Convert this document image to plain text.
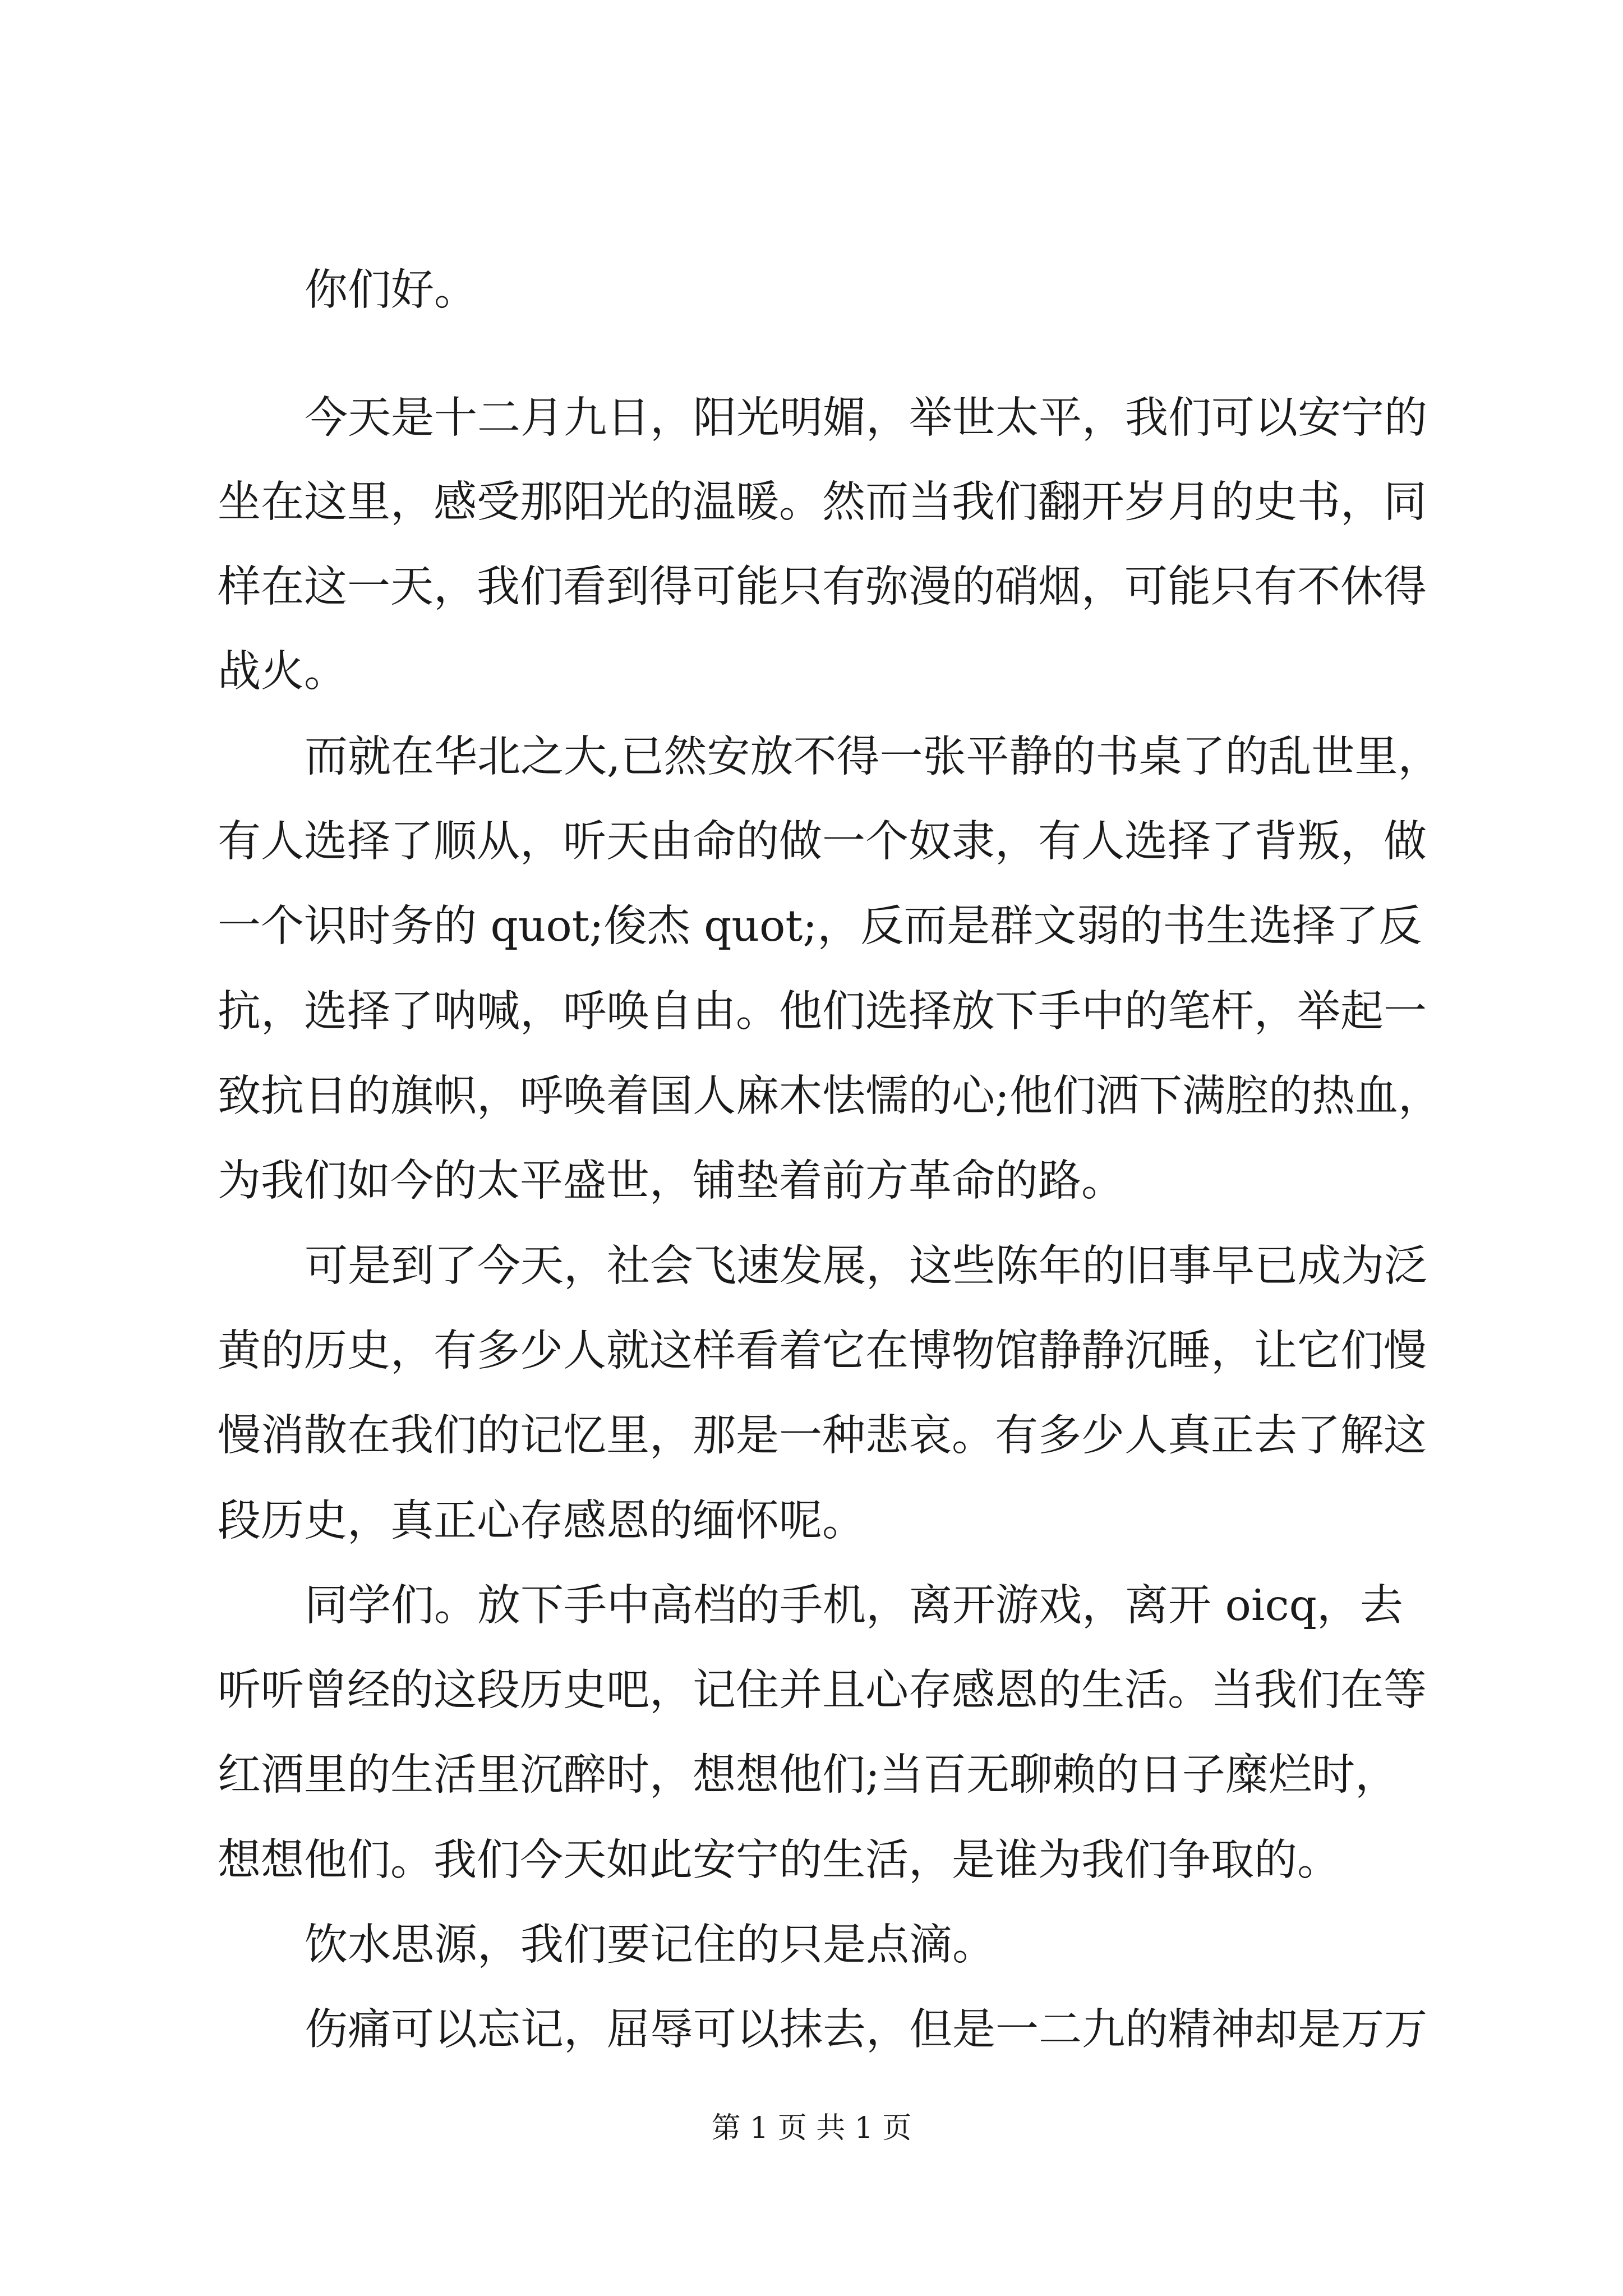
你们好。
今天是十二月九日，阳光明媚，举世太平，我们可以安宁的
坐在这里，感受那阳光的温暖。然而当我们翻开岁月的史书，同
样在这一天，我们看到得可能只有弥漫的硝烟，可能只有不休得
战火。
而就在华北之大,已然安放不得一张平静的书桌了的乱世里，
有人选择了顺从，听天由命的做一个奴隶，有人选择了背叛，做
一个识时务的 quot;俊杰 quot;，反而是群文弱的书生选择了反
抗，选择了呐喊，呼唤自由。他们选择放下手中的笔杆，举起一
致抗日的旗帜，呼唤着国人麻木怯懦的心;他们洒下满腔的热血，
为我们如今的太平盛世，铺垫着前方革命的路。
可是到了今天，社会飞速发展，这些陈年的旧事早已成为泛
黄的历史，有多少人就这样看着它在博物馆静静沉睡，让它们慢
慢消散在我们的记忆里，那是一种悲哀。有多少人真正去了解这
段历史，真正心存感恩的缅怀呢。
同学们。放下手中高档的手机，离开游戏，离开 oicq，去
听听曾经的这段历史吧，记住并且心存感恩的生活。当我们在等
红酒里的生活里沉醉时，想想他们;当百无聊赖的日子糜烂时，
想想他们。我们今天如此安宁的生活，是谁为我们争取的。
饮水思源，我们要记住的只是点滴。
伤痛可以忘记，屈辱可以抹去，但是一二九的精神却是万万
第 1 页 共 1 页
